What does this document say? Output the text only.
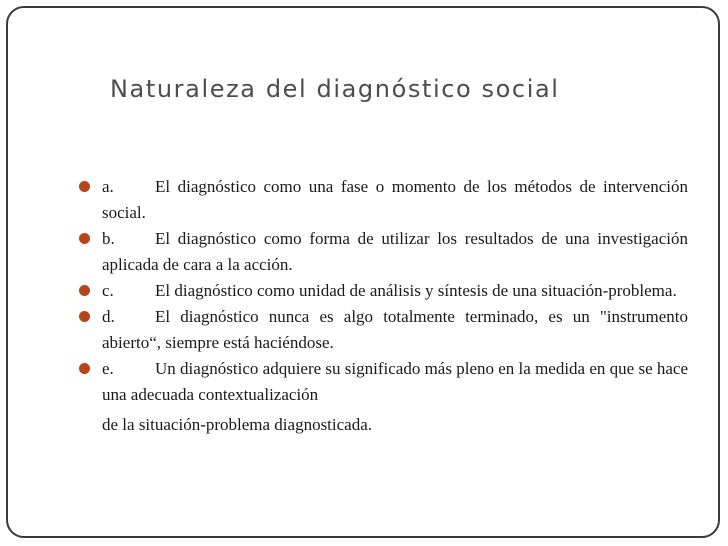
Naturaleza del diagnóstico social
a. El diagnóstico como una fase o momento de los métodos de intervención social.
b. El diagnóstico como forma de utilizar los resultados de una investigación aplicada de cara a la acción.
c. El diagnóstico como unidad de análisis y síntesis de una situación-problema.
d. El diagnóstico nunca es algo totalmente terminado, es un "instrumento abierto“, siempre está haciéndose.
e. Un diagnóstico adquiere su significado más pleno en la medida en que se hace una adecuada contextualización
de la situación-problema diagnosticada.
